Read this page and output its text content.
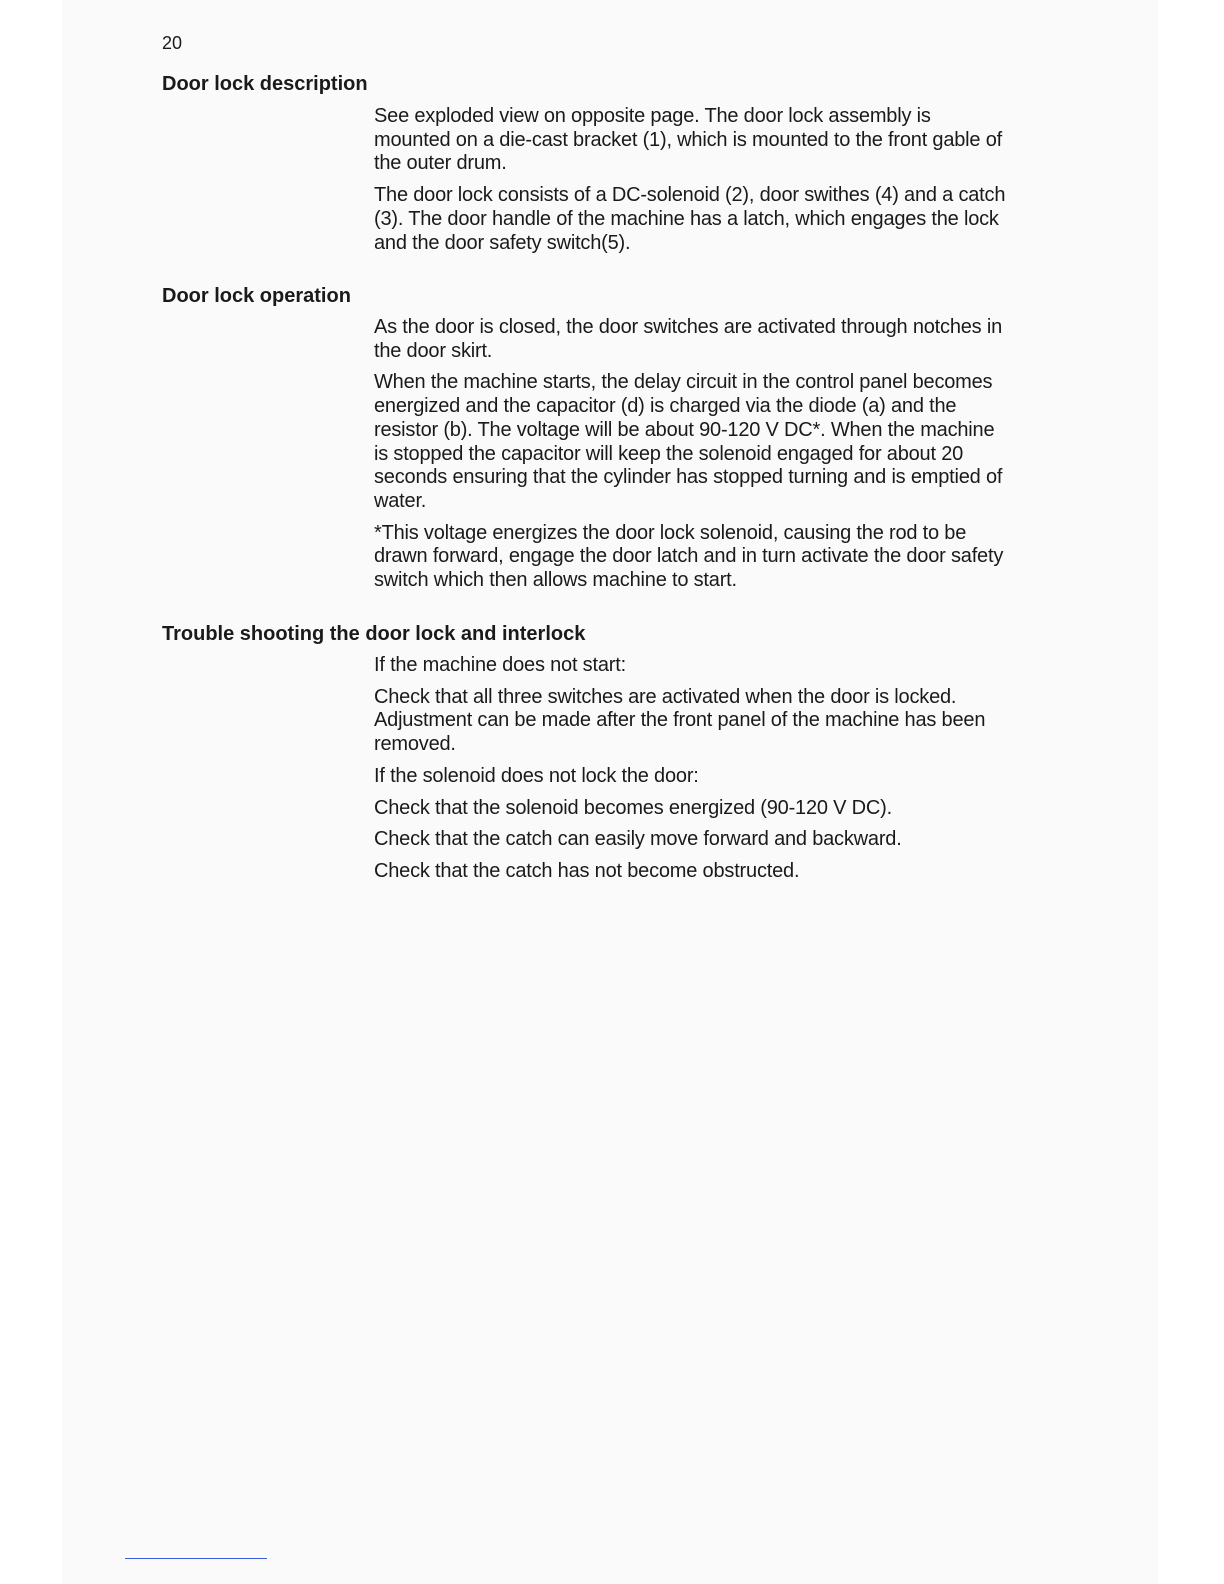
20
Door lock description

See exploded view on opposite page. The door lock assembly is mounted on a die-cast bracket (1), which is mounted to the front gable of the outer drum.

The door lock consists of a DC-solenoid (2), door swithes (4) and a catch (3). The door handle of the machine has a latch, which engages the lock and the door safety switch(5).

Door lock operation

As the door is closed, the door switches are activated through notches in the door skirt.

When the machine starts, the delay circuit in the control panel becomes energized and the capacitor (d) is charged via the diode (a) and the resistor (b). The voltage will be about 90-120 V DC*. When the machine is stopped the capacitor will keep the solenoid engaged for about 20 seconds ensuring that the cylinder has stopped turning and is emptied of water.

*This voltage energizes the door lock solenoid, causing the rod to be drawn forward, engage the door latch and in turn activate the door safety switch which then allows machine to start.

Trouble shooting the door lock and interlock

If the machine does not start:

Check that all three switches are activated when the door is locked. Adjustment can be made after the front panel of the machine has been removed.

If the solenoid does not lock the door:

Check that the solenoid becomes energized (90-120 V DC).

Check that the catch can easily move forward and backward.

Check that the catch has not become obstructed.
